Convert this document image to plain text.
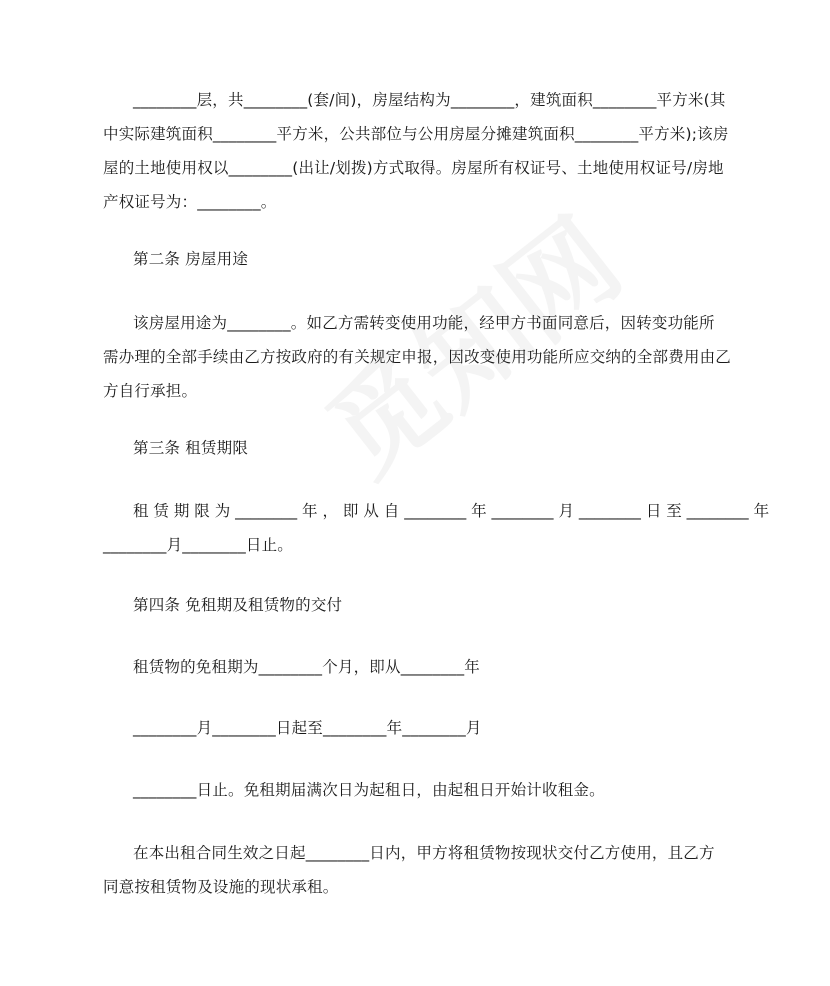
________层，共________(套/间)，房屋结构为________，建筑面积________平方米(其
中实际建筑面积________平方米，公共部位与公用房屋分摊建筑面积________平方米);该房
屋的土地使用权以________(出让/划拨)方式取得。房屋所有权证号、土地使用权证号/房地
产权证号为：________。
第二条 房屋用途
该房屋用途为________。如乙方需转变使用功能，经甲方书面同意后，因转变功能所
需办理的全部手续由乙方按政府的有关规定申报，因改变使用功能所应交纳的全部费用由乙
方自行承担。
第三条 租赁期限
租 赁 期 限 为 ________ 年 ， 即 从 自 ________ 年 ________ 月 ________ 日 至 ________ 年
________月________日止。
第四条 免租期及租赁物的交付
租赁物的免租期为________个月，即从________年
________月________日起至________年________月
________日止。免租期届满次日为起租日，由起租日开始计收租金。
在本出租合同生效之日起________日内，甲方将租赁物按现状交付乙方使用，且乙方
同意按租赁物及设施的现状承租。
